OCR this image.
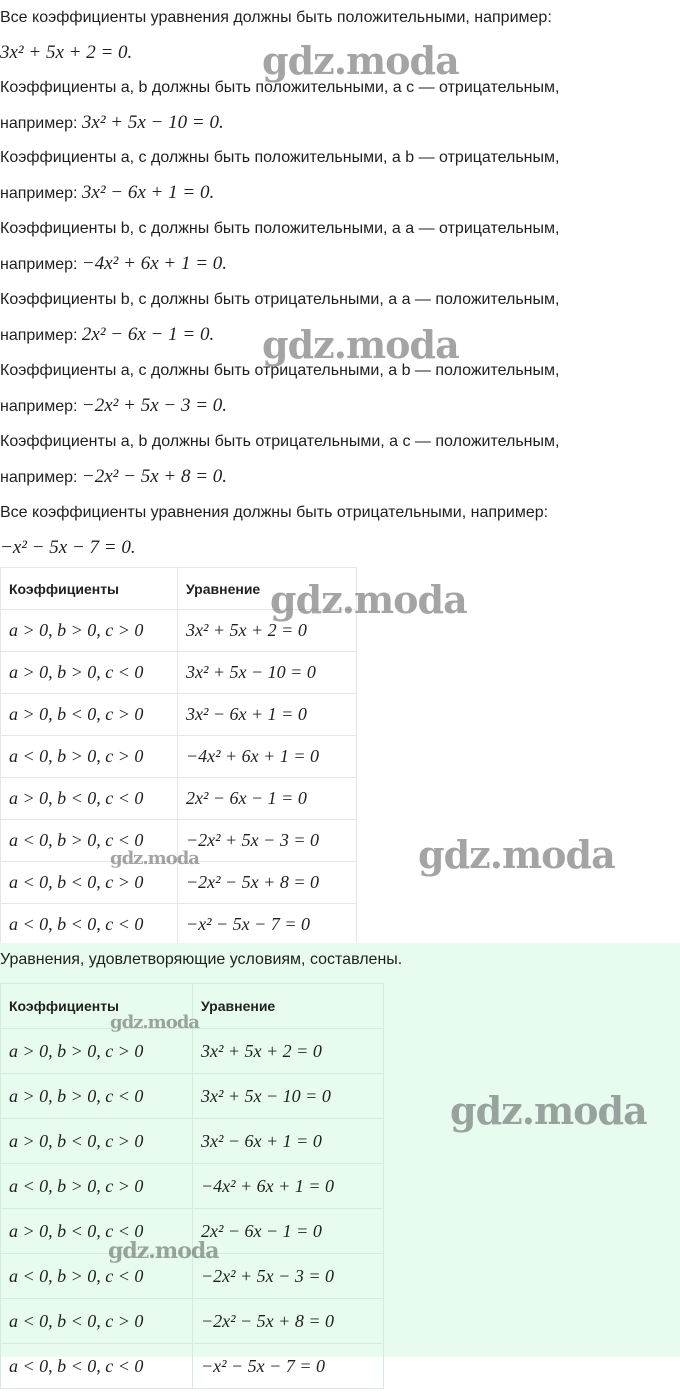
Все коэффициенты уравнения должны быть положительными, например:
3x² + 5x + 2 = 0.
Коэффициенты a, b должны быть положительными, а c — отрицательным,
например: 3x² + 5x − 10 = 0.
Коэффициенты a, c должны быть положительными, а b — отрицательным,
например: 3x² − 6x + 1 = 0.
Коэффициенты b, c должны быть положительными, а a — отрицательным,
например: −4x² + 6x + 1 = 0.
Коэффициенты b, c должны быть отрицательными, а a — положительным,
например: 2x² − 6x − 1 = 0.
Коэффициенты a, c должны быть отрицательными, а b — положительным,
например: −2x² + 5x − 3 = 0.
Коэффициенты a, b должны быть отрицательными, а c — положительным,
например: −2x² − 5x + 8 = 0.
Все коэффициенты уравнения должны быть отрицательными, например:
−x² − 5x − 7 = 0.
Коэффициенты	Уравнение
a > 0, b > 0, c > 0	3x² + 5x + 2 = 0
a > 0, b > 0, c < 0	3x² + 5x − 10 = 0
a > 0, b < 0, c > 0	3x² − 6x + 1 = 0
a < 0, b > 0, c > 0	−4x² + 6x + 1 = 0
a > 0, b < 0, c < 0	2x² − 6x − 1 = 0
a < 0, b > 0, c < 0	−2x² + 5x − 3 = 0
a < 0, b < 0, c > 0	−2x² − 5x + 8 = 0
a < 0, b < 0, c < 0	−x² − 5x − 7 = 0
Уравнения, удовлетворяющие условиям, составлены.
Коэффициенты	Уравнение
a > 0, b > 0, c > 0	3x² + 5x + 2 = 0
a > 0, b > 0, c < 0	3x² + 5x − 10 = 0
a > 0, b < 0, c > 0	3x² − 6x + 1 = 0
a < 0, b > 0, c > 0	−4x² + 6x + 1 = 0
a > 0, b < 0, c < 0	2x² − 6x − 1 = 0
a < 0, b > 0, c < 0	−2x² + 5x − 3 = 0
a < 0, b < 0, c > 0	−2x² − 5x + 8 = 0
a < 0, b < 0, c < 0	−x² − 5x − 7 = 0
gdz.moda
gdz.moda
gdz.moda
gdz.moda
gdz.moda
gdz.moda
gdz.moda
gdz.moda
